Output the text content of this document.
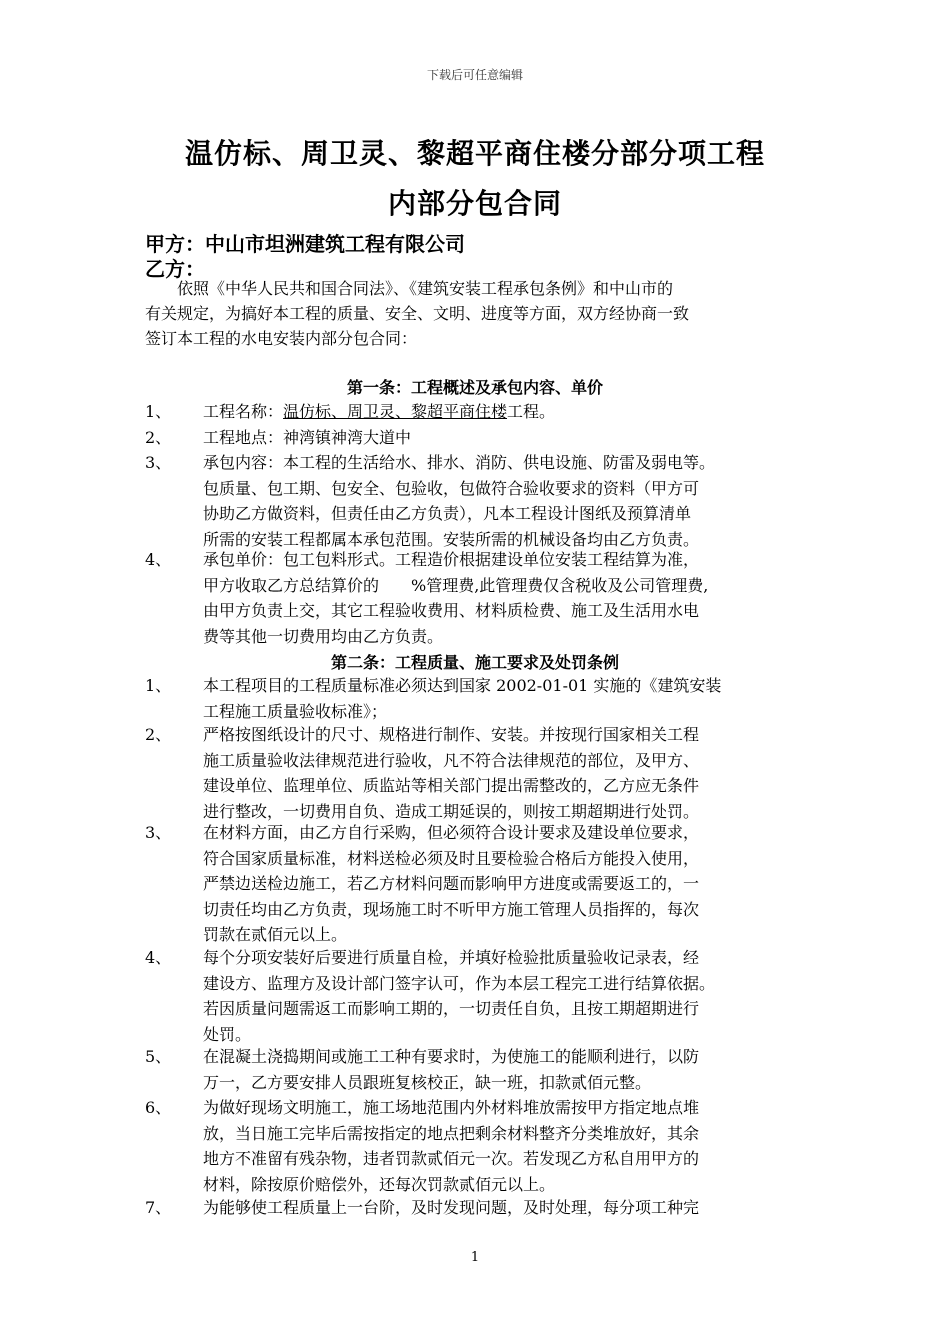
下载后可任意编辑
温仿标、周卫灵、黎超平商住楼分部分项工程
内部分包合同
甲方：中山市坦洲建筑工程有限公司
乙方：

依照《中华人民共和国合同法》、《建筑安装工程承包条例》和中山市的

有关规定，为搞好本工程的质量、安全、文明、进度等方面，双方经协商一致

签订本工程的水电安装内部分包合同：

第一条：工程概述及承包内容、单价
1、	工程名称：温仿标、周卫灵、黎超平商住楼工程。

2、	工程地点：神湾镇神湾大道中

3、	承包内容：本工程的生活给水、排水、消防、供电设施、防雷及弱电等。

包质量、包工期、包安全、包验收，包做符合验收要求的资料（甲方可

协助乙方做资料，但责任由乙方负责），凡本工程设计图纸及预算清单

所需的安装工程都属本承包范围。安装所需的机械设备均由乙方负责。

4、	承包单价：包工包料形式。工程造价根据建设单位安装工程结算为准，

甲方收取乙方总结算价的　　%管理费,此管理费仅含税收及公司管理费,

由甲方负责上交，其它工程验收费用、材料质检费、施工及生活用水电

费等其他一切费用均由乙方负责。

第二条：工程质量、施工要求及处罚条例
1、	本工程项目的工程质量标准必须达到国家 2002-01-01 实施的《建筑安装

工程施工质量验收标准》；

2、	严格按图纸设计的尺寸、规格进行制作、安装。并按现行国家相关工程

施工质量验收法律规范进行验收，凡不符合法律规范的部位，及甲方、

建设单位、监理单位、质监站等相关部门提出需整改的，乙方应无条件

进行整改，一切费用自负、造成工期延误的，则按工期超期进行处罚。

3、	在材料方面，由乙方自行采购，但必须符合设计要求及建设单位要求，

符合国家质量标准，材料送检必须及时且要检验合格后方能投入使用，

严禁边送检边施工，若乙方材料问题而影响甲方进度或需要返工的，一

切责任均由乙方负责，现场施工时不听甲方施工管理人员指挥的，每次

罚款在贰佰元以上。

4、	每个分项安装好后要进行质量自检，并填好检验批质量验收记录表，经

建设方、监理方及设计部门签字认可，作为本层工程完工进行结算依据。

若因质量问题需返工而影响工期的，一切责任自负，且按工期超期进行

处罚。

5、	在混凝土浇捣期间或施工工种有要求时，为使施工的能顺利进行，以防

万一，乙方要安排人员跟班复核校正，缺一班，扣款贰佰元整。

6、	为做好现场文明施工，施工场地范围内外材料堆放需按甲方指定地点堆

放，当日施工完毕后需按指定的地点把剩余材料整齐分类堆放好，其余

地方不准留有残杂物，违者罚款贰佰元一次。若发现乙方私自用甲方的

材料，除按原价赔偿外，还每次罚款贰佰元以上。

7、	为能够使工程质量上一台阶，及时发现问题，及时处理，每分项工种完

1
